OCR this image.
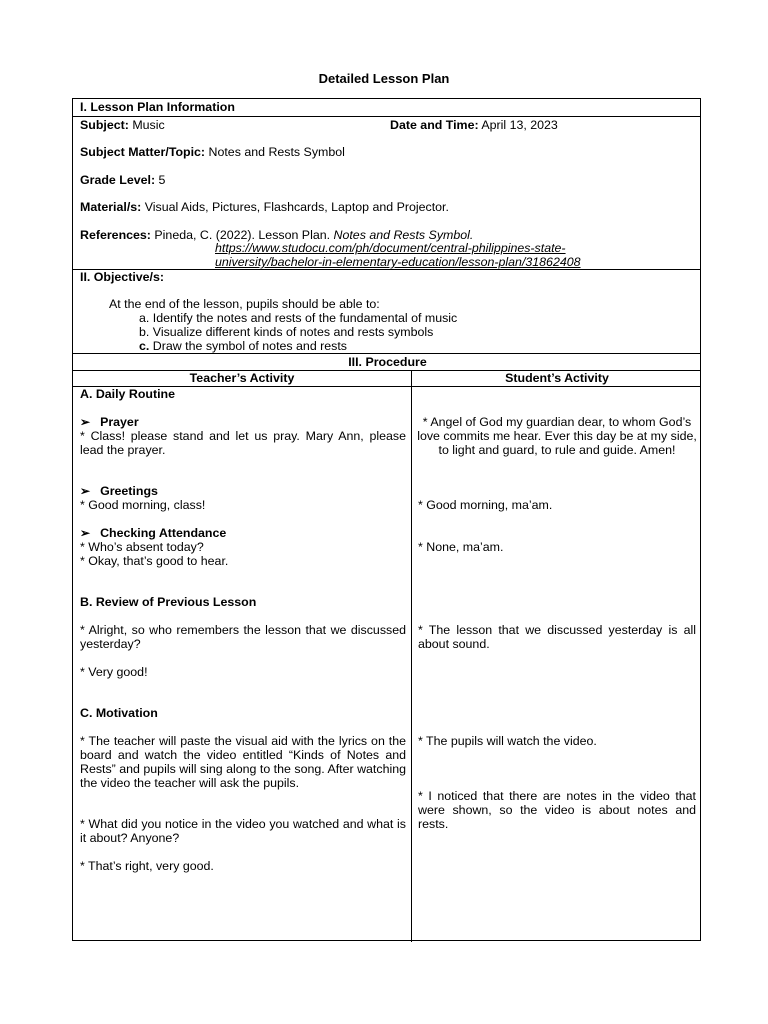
Detailed Lesson Plan
I. Lesson Plan Information
Subject: Music	Date and Time: April 13, 2023
Subject Matter/Topic: Notes and Rests Symbol
Grade Level: 5
Material/s: Visual Aids, Pictures, Flashcards, Laptop and Projector.
References: Pineda, C. (2022). Lesson Plan. Notes and Rests Symbol.
https://www.studocu.com/ph/document/central-philippines-state-
university/bachelor-in-elementary-education/lesson-plan/31862408
II. Objective/s:
At the end of the lesson, pupils should be able to:
a. Identify the notes and rests of the fundamental of music
b. Visualize different kinds of notes and rests symbols
c. Draw the symbol of notes and rests
III. Procedure
Teacher’s Activity	Student’s Activity
A. Daily Routine
➢ Prayer
* Class! please stand and let us pray. Mary Ann, please lead the prayer.
➢ Greetings
* Good morning, class!
➢ Checking Attendance
* Who’s absent today?
* Okay, that’s good to hear.
B. Review of Previous Lesson
* Alright, so who remembers the lesson that we discussed yesterday?
* Very good!
C. Motivation
* The teacher will paste the visual aid with the lyrics on the board and watch the video entitled “Kinds of Notes and Rests” and pupils will sing along to the song. After watching the video the teacher will ask the pupils.
* What did you notice in the video you watched and what is it about? Anyone?
* That’s right, very good.
* Angel of God my guardian dear, to whom God’s love commits me hear. Ever this day be at my side, to light and guard, to rule and guide. Amen!
* Good morning, ma’am.
* None, ma’am.
* The lesson that we discussed yesterday is all about sound.
* The pupils will watch the video.
* I noticed that there are notes in the video that were shown, so the video is about notes and rests.
